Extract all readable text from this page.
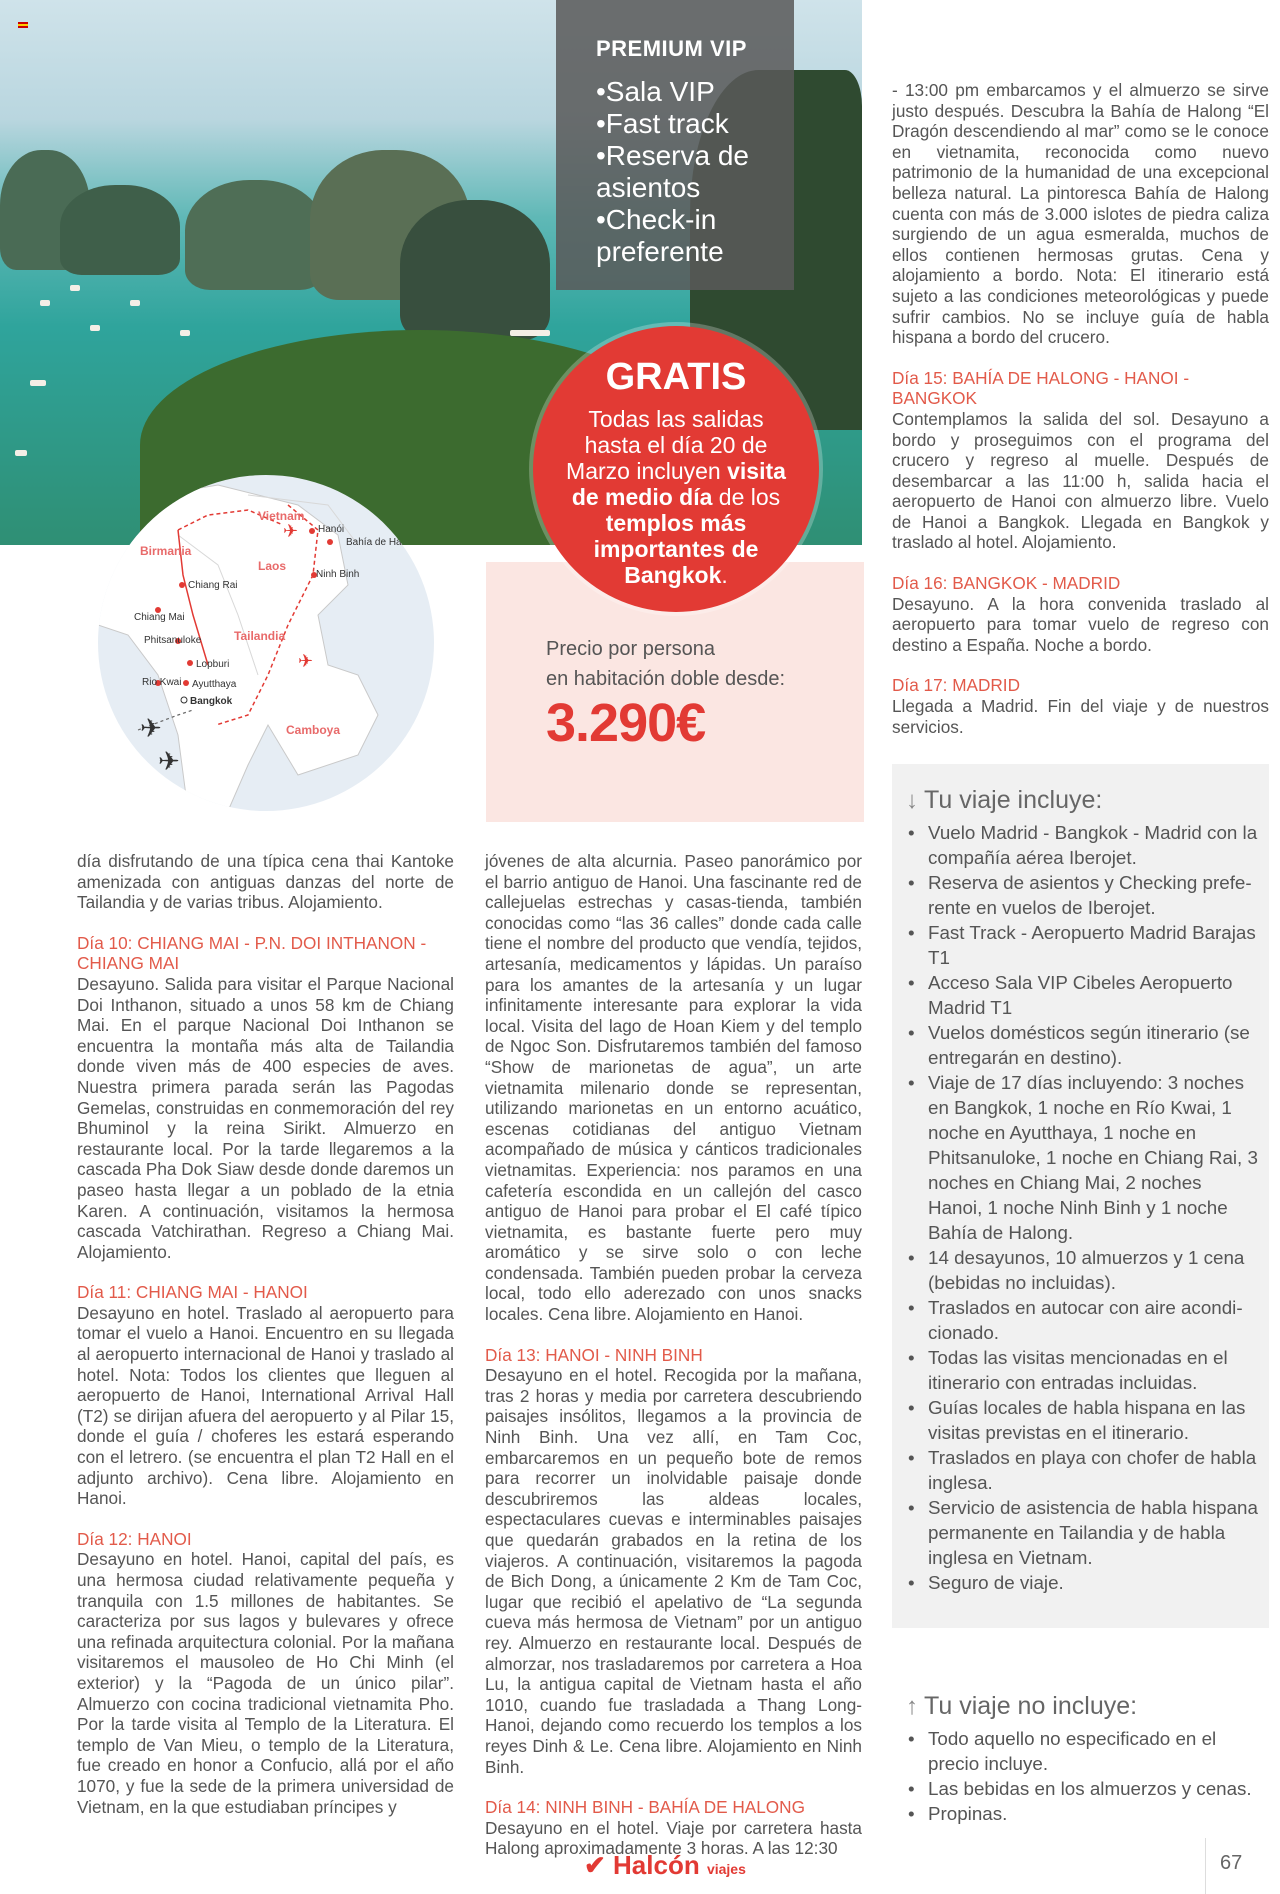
PREMIUM VIP
•Sala VIP
•Fast track
•Reserva de asientos
•Check-in preferente
Precio por persona
en habitación doble desde:
3.290€
GRATIS
Todas las salidas hasta el día 20 de Marzo incluyen visita de medio día de los templos más importantes de Bangkok.
Vietnam
Birmania
Laos
Tailandia
Camboya
Hanói
Bahía de Halong
Ninh Binh
Chiang Rai
Chiang Mai
Phitsanuloke
Lopburi
Rio Kwai Ayutthaya
Bangkok
✈
✈
✈
✈

día disfrutando de una típica cena thai Kantoke amenizada con antiguas danzas del norte de Tailandia y de varias tribus. Alojamiento.

Día 10: CHIANG MAI - P.N. DOI INTHANON - CHIANG MAI
Desayuno. Salida para visitar el Parque Nacional Doi Inthanon, situado a unos 58 km de Chiang Mai. En el parque Nacional Doi Inthanon se encuentra la montaña más alta de Tailandia donde viven más de 400 especies de aves. Nuestra primera parada serán las Pagodas Gemelas, construidas en conmemoración del rey Bhuminol y la reina Sirikt. Almuerzo en restaurante local. Por la tarde llegaremos a la cascada Pha Dok Siaw desde donde daremos un paseo hasta llegar a un poblado de la etnia Karen. A continuación, visitamos la hermosa cascada Vatchirathan. Regreso a Chiang Mai. Alojamiento.

Día 11: CHIANG MAI - HANOI
Desayuno en hotel. Traslado al aeropuerto para tomar el vuelo a Hanoi. Encuentro en su llegada al aeropuerto internacional de Hanoi y traslado al hotel. Nota: Todos los clientes que lleguen al aeropuerto de Hanoi, International Arrival Hall (T2) se dirijan afuera del aeropuerto y al Pilar 15, donde el guía / choferes les estará esperando con el letrero. (se encuentra el plan T2 Hall en el adjunto archivo). Cena libre. Alojamiento en Hanoi.

Día 12: HANOI
Desayuno en hotel. Hanoi, capital del país, es una hermosa ciudad relativamente pequeña y tranquila con 1.5 millones de habitantes. Se caracteriza por sus lagos y bulevares y ofrece una refinada arquitectura colonial. Por la mañana visitaremos el mausoleo de Ho Chi Minh (el exterior) y la “Pagoda de un único pilar”. Almuerzo con cocina tradicional vietnamita Pho. Por la tarde visita al Templo de la Literatura. El templo de Van Mieu, o templo de la Literatura, fue creado en honor a Confucio, allá por el año 1070, y fue la sede de la primera universidad de Vietnam, en la que estudiaban príncipes y

jóvenes de alta alcurnia. Paseo panorámico por el barrio antiguo de Hanoi. Una fascinante red de callejuelas estrechas y casas-tienda, también conocidas como “las 36 calles” donde cada calle tiene el nombre del producto que vendía, tejidos, artesanía, medicamentos y lápidas. Un paraíso para los amantes de la artesanía y un lugar infinitamente interesante para explorar la vida local. Visita del lago de Hoan Kiem y del templo de Ngoc Son. Disfrutaremos también del famoso “Show de marionetas de agua”, un arte vietnamita milenario donde se representan, utilizando marionetas en un entorno acuático, escenas cotidianas del antiguo Vietnam acompañado de música y cánticos tradicionales vietnamitas. Experiencia: nos paramos en una cafetería escondida en un callejón del casco antiguo de Hanoi para probar el El café típico vietnamita, es bastante fuerte pero muy aromático y se sirve solo o con leche condensada. También pueden probar la cerveza local, todo ello aderezado con unos snacks locales. Cena libre. Alojamiento en Hanoi.

Día 13: HANOI - NINH BINH
Desayuno en el hotel. Recogida por la mañana, tras 2 horas y media por carretera descubriendo paisajes insólitos, llegamos a la provincia de Ninh Binh. Una vez allí, en Tam Coc, embarcaremos en un pequeño bote de remos para recorrer un inolvidable paisaje donde descubriremos las aldeas locales, espectaculares cuevas e interminables paisajes que quedarán grabados en la retina de los viajeros. A continuación, visitaremos la pagoda de Bich Dong, a únicamente 2 Km de Tam Coc, lugar que recibió el apelativo de “La segunda cueva más hermosa de Vietnam” por un antiguo rey. Almuerzo en restaurante local. Después de almorzar, nos trasladaremos por carretera a Hoa Lu, la antigua capital de Vietnam hasta el año 1010, cuando fue trasladada a Thang Long-Hanoi, dejando como recuerdo los templos a los reyes Dinh & Le. Cena libre. Alojamiento en Ninh Binh.

Día 14: NINH BINH - BAHÍA DE HALONG
Desayuno en el hotel. Viaje por carretera hasta Halong aproximadamente 3 horas. A las 12:30

- 13:00 pm embarcamos y el almuerzo se sirve justo después. Descubra la Bahía de Halong “El Dragón descendiendo al mar” como se le conoce en vietnamita, reconocida como nuevo patrimonio de la humanidad de una excepcional belleza natural. La pintoresca Bahía de Halong cuenta con más de 3.000 islotes de piedra caliza surgiendo de un agua esmeralda, muchos de ellos contienen hermosas grutas. Cena y alojamiento a bordo. Nota: El itinerario está sujeto a las condiciones meteorológicas y puede sufrir cambios. No se incluye guía de habla hispana a bordo del crucero.

Día 15: BAHÍA DE HALONG - HANOI - BANGKOK
Contemplamos la salida del sol. Desayuno a bordo y proseguimos con el programa del crucero y regreso al muelle. Después de desembarcar a las 11:00 h, salida hacia el aeropuerto de Hanoi con almuerzo libre. Vuelo de Hanoi a Bangkok. Llegada en Bangkok y traslado al hotel. Alojamiento.

Día 16: BANGKOK - MADRID
Desayuno. A la hora convenida traslado al aeropuerto para tomar vuelo de regreso con destino a España. Noche a bordo.

Día 17: MADRID
Llegada a Madrid. Fin del viaje y de nuestros servicios.

↓ Tu viaje incluye:
• Vuelo Madrid - Bangkok - Madrid con la compañía aérea Iberojet.
• Reserva de asientos y Checking prefe-rente en vuelos de Iberojet.
• Fast Track - Aeropuerto Madrid Barajas T1
• Acceso Sala VIP Cibeles Aeropuerto Madrid T1
• Vuelos domésticos según itinerario (se entregarán en destino).
• Viaje de 17 días incluyendo: 3 noches en Bangkok, 1 noche en Río Kwai, 1 noche en Ayutthaya, 1 noche en Phitsanuloke, 1 noche en Chiang Rai, 3 noches en Chiang Mai, 2 noches Hanoi, 1 noche Ninh Binh y 1 noche Bahía de Halong.
• 14 desayunos, 10 almuerzos y 1 cena (bebidas no incluidas).
• Traslados en autocar con aire acondi-cionado.
• Todas las visitas mencionadas en el itinerario con entradas incluidas.
• Guías locales de habla hispana en las visitas previstas en el itinerario.
• Traslados en playa con chofer de habla inglesa.
• Servicio de asistencia de habla hispana permanente en Tailandia y de habla inglesa en Vietnam.
• Seguro de viaje.
↑ Tu viaje no incluye:
• Todo aquello no especificado en el precio incluye.
• Las bebidas en los almuerzos y cenas.
• Propinas.
✔ Halcón viajes	67
